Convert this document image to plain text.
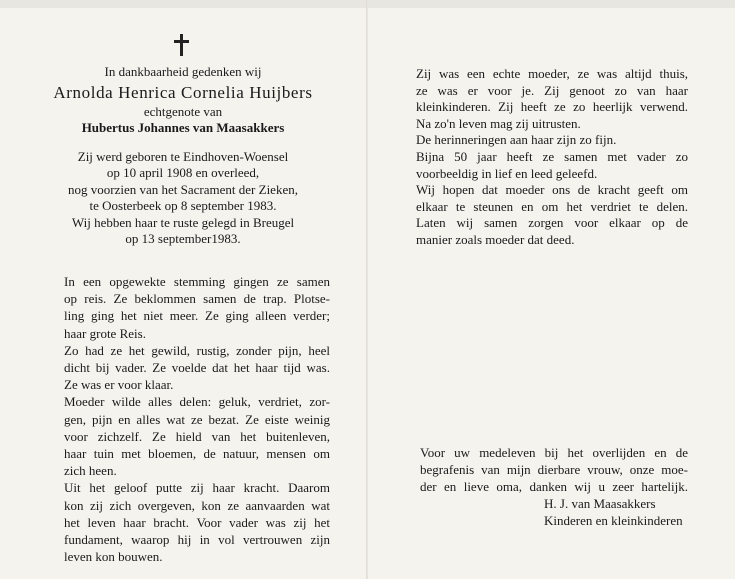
In dankbaarheid gedenken wij
Arnolda Henrica Cornelia Huijbers
echtgenote van
Hubertus Johannes van Maasakkers
Zij werd geboren te Eindhoven-Woensel
op 10 april 1908 en overleed,
nog voorzien van het Sacrament der Zieken,
te Oosterbeek op 8 september 1983.
Wij hebben haar te ruste gelegd in Breugel
op 13 september1983.
In een opgewekte stemming gingen ze samen
op reis. Ze beklommen samen de trap. Plotse-
ling ging het niet meer. Ze ging alleen verder;
haar grote Reis.
Zo had ze het gewild, rustig, zonder pijn, heel
dicht bij vader. Ze voelde dat het haar tijd was.
Ze was er voor klaar.
Moeder wilde alles delen: geluk, verdriet, zor-
gen, pijn en alles wat ze bezat. Ze eiste weinig
voor zichzelf. Ze hield van het buitenleven,
haar tuin met bloemen, de natuur, mensen om
zich heen.
Uit het geloof putte zij haar kracht. Daarom
kon zij zich overgeven, kon ze aanvaarden wat
het leven haar bracht. Voor vader was zij het
fundament, waarop hij in vol vertrouwen zijn
leven kon bouwen.
Zij was een echte moeder, ze was altijd thuis,
ze was er voor je. Zij genoot zo van haar
kleinkinderen. Zij heeft ze zo heerlijk verwend.
Na zo'n leven mag zij uitrusten.
De herinneringen aan haar zijn zo fijn.
Bijna 50 jaar heeft ze samen met vader zo
voorbeeldig in lief en leed geleefd.
Wij hopen dat moeder ons de kracht geeft om
elkaar te steunen en om het verdriet te delen.
Laten wij samen zorgen voor elkaar op de
manier zoals moeder dat deed.
Voor uw medeleven bij het overlijden en de
begrafenis van mijn dierbare vrouw, onze moe-
der en lieve oma, danken wij u zeer hartelijk.
H. J. van Maasakkers
Kinderen en kleinkinderen
